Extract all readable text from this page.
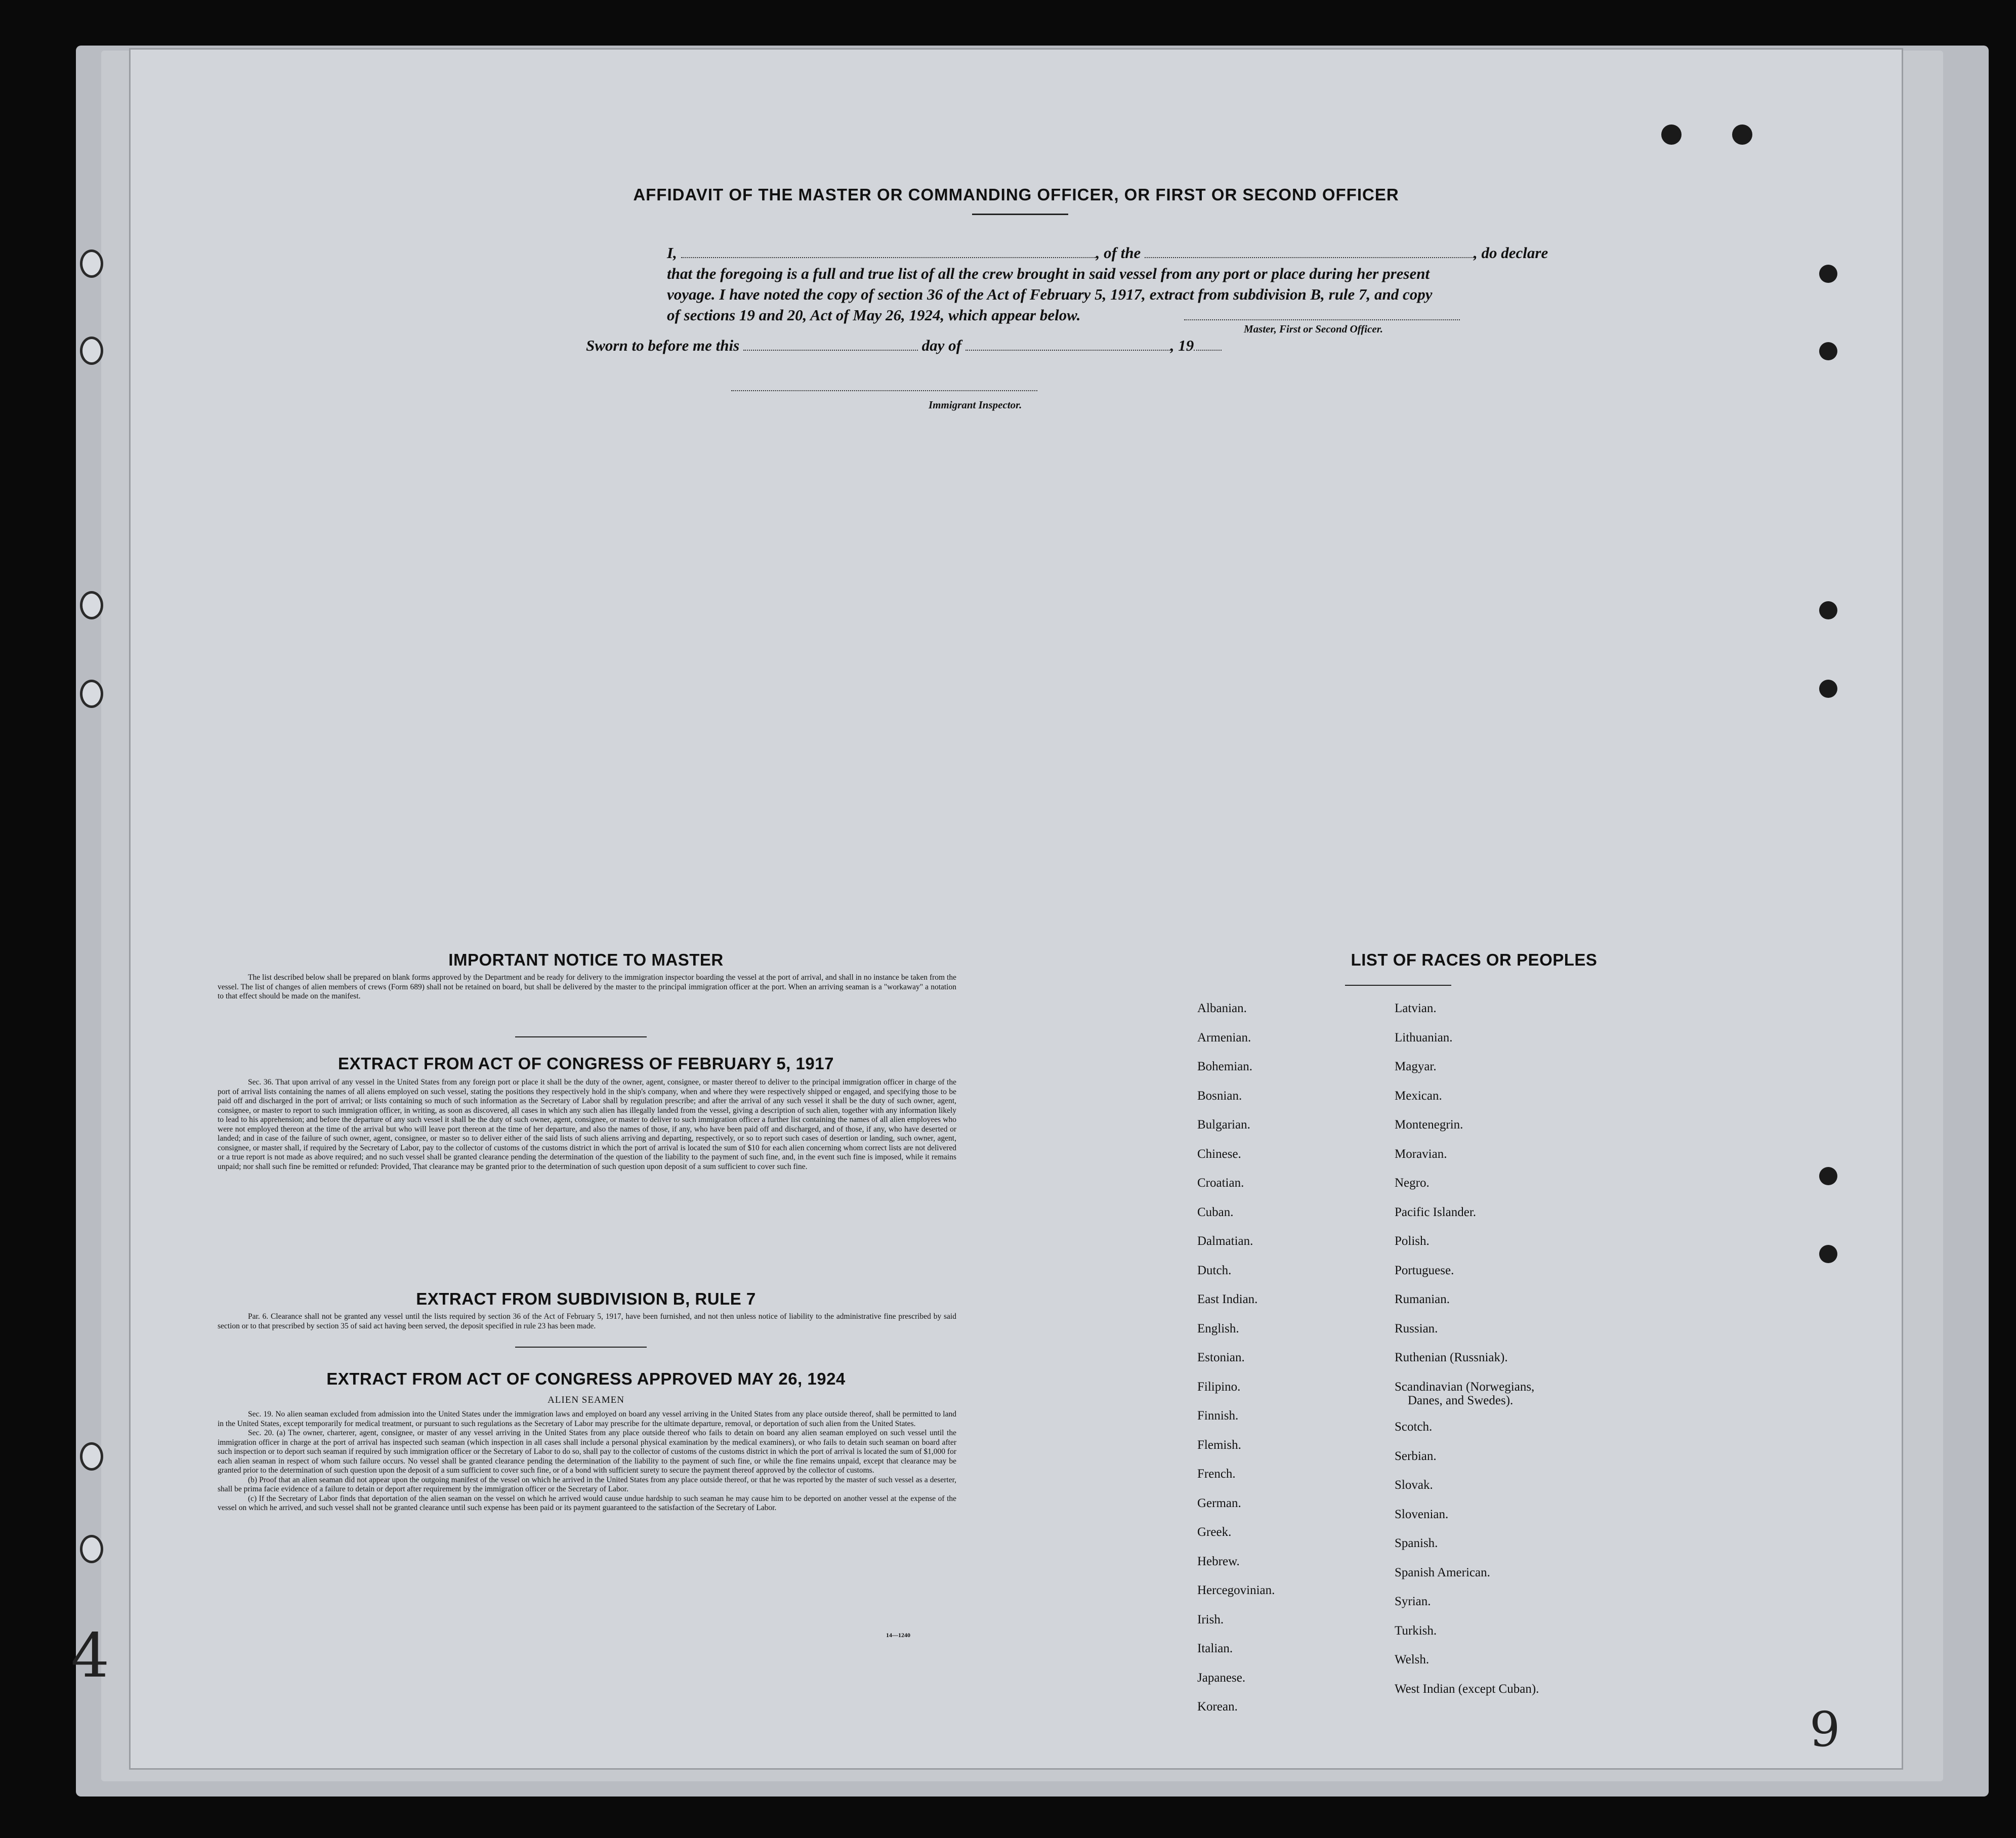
AFFIDAVIT OF THE MASTER OR COMMANDING OFFICER, OR FIRST OR SECOND OFFICER
I,	, of the	, do declare
that the foregoing is a full and true list of all the crew brought in said vessel from any port or place during her present
voyage. I have noted the copy of section 36 of the Act of February 5, 1917, extract from subdivision B, rule 7, and copy
of sections 19 and 20, Act of May 26, 1924, which appear below.
Master, First or Second Officer.
Sworn to before me this	day of	, 19
Immigrant Inspector.
IMPORTANT NOTICE TO MASTER
The list described below shall be prepared on blank forms approved by the Department and be ready for delivery to the immigration inspector boarding the vessel at the port of arrival, and shall in no instance be taken from the vessel. The list of changes of alien members of crews (Form 689) shall not be retained on board, but shall be delivered by the master to the principal immigration officer at the port. When an arriving seaman is a "workaway" a notation to that effect should be made on the manifest.
EXTRACT FROM ACT OF CONGRESS OF FEBRUARY 5, 1917
Sec. 36. That upon arrival of any vessel in the United States from any foreign port or place it shall be the duty of the owner, agent, consignee, or master thereof to deliver to the principal immigration officer in charge of the port of arrival lists containing the names of all aliens employed on such vessel, stating the positions they respectively hold in the ship's company, when and where they were respectively shipped or engaged, and specifying those to be paid off and discharged in the port of arrival; or lists containing so much of such information as the Secretary of Labor shall by regulation prescribe; and after the arrival of any such vessel it shall be the duty of such owner, agent, consignee, or master to report to such immigration officer, in writing, as soon as discovered, all cases in which any such alien has illegally landed from the vessel, giving a description of such alien, together with any information likely to lead to his apprehension; and before the departure of any such vessel it shall be the duty of such owner, agent, consignee, or master to deliver to such immigration officer a further list containing the names of all alien employees who were not employed thereon at the time of the arrival but who will leave port thereon at the time of her departure, and also the names of those, if any, who have been paid off and discharged, and of those, if any, who have deserted or landed; and in case of the failure of such owner, agent, consignee, or master so to deliver either of the said lists of such aliens arriving and departing, respectively, or so to report such cases of desertion or landing, such owner, agent, consignee, or master shall, if required by the Secretary of Labor, pay to the collector of customs of the customs district in which the port of arrival is located the sum of $10 for each alien concerning whom correct lists are not delivered or a true report is not made as above required; and no such vessel shall be granted clearance pending the determination of the question of the liability to the payment of such fine, and, in the event such fine is imposed, while it remains unpaid; nor shall such fine be remitted or refunded: Provided, That clearance may be granted prior to the determination of such question upon deposit of a sum sufficient to cover such fine.
EXTRACT FROM SUBDIVISION B, RULE 7
Par. 6. Clearance shall not be granted any vessel until the lists required by section 36 of the Act of February 5, 1917, have been furnished, and not then unless notice of liability to the administrative fine prescribed by said section or to that prescribed by section 35 of said act having been served, the deposit specified in rule 23 has been made.
EXTRACT FROM ACT OF CONGRESS APPROVED MAY 26, 1924
ALIEN SEAMEN
Sec. 19. No alien seaman excluded from admission into the United States under the immigration laws and employed on board any vessel arriving in the United States from any place outside thereof, shall be permitted to land in the United States, except temporarily for medical treatment, or pursuant to such regulations as the Secretary of Labor may prescribe for the ultimate departure, removal, or deportation of such alien from the United States.
Sec. 20. (a) The owner, charterer, agent, consignee, or master of any vessel arriving in the United States from any place outside thereof who fails to detain on board any alien seaman employed on such vessel until the immigration officer in charge at the port of arrival has inspected such seaman (which inspection in all cases shall include a personal physical examination by the medical examiners), or who fails to detain such seaman on board after such inspection or to deport such seaman if required by such immigration officer or the Secretary of Labor to do so, shall pay to the collector of customs of the customs district in which the port of arrival is located the sum of $1,000 for each alien seaman in respect of whom such failure occurs. No vessel shall be granted clearance pending the determination of the liability to the payment of such fine, or while the fine remains unpaid, except that clearance may be granted prior to the determination of such question upon the deposit of a sum sufficient to cover such fine, or of a bond with sufficient surety to secure the payment thereof approved by the collector of customs.
(b) Proof that an alien seaman did not appear upon the outgoing manifest of the vessel on which he arrived in the United States from any place outside thereof, or that he was reported by the master of such vessel as a deserter, shall be prima facie evidence of a failure to detain or deport after requirement by the immigration officer or the Secretary of Labor.
(c) If the Secretary of Labor finds that deportation of the alien seaman on the vessel on which he arrived would cause undue hardship to such seaman he may cause him to be deported on another vessel at the expense of the vessel on which he arrived, and such vessel shall not be granted clearance until such expense has been paid or its payment guaranteed to the satisfaction of the Secretary of Labor.
14—1240
LIST OF RACES OR PEOPLES
Albanian.
Armenian.
Bohemian.
Bosnian.
Bulgarian.
Chinese.
Croatian.
Cuban.
Dalmatian.
Dutch.
East Indian.
English.
Estonian.
Filipino.
Finnish.
Flemish.
French.
German.
Greek.
Hebrew.
Hercegovinian.
Irish.
Italian.
Japanese.
Korean.
Latvian.
Lithuanian.
Magyar.
Mexican.
Montenegrin.
Moravian.
Negro.
Pacific Islander.
Polish.
Portuguese.
Rumanian.
Russian.
Ruthenian (Russniak).
Scandinavian (Norwegians,
Danes, and Swedes).
Scotch.
Serbian.
Slovak.
Slovenian.
Spanish.
Spanish American.
Syrian.
Turkish.
Welsh.
West Indian (except Cuban).
4
9
